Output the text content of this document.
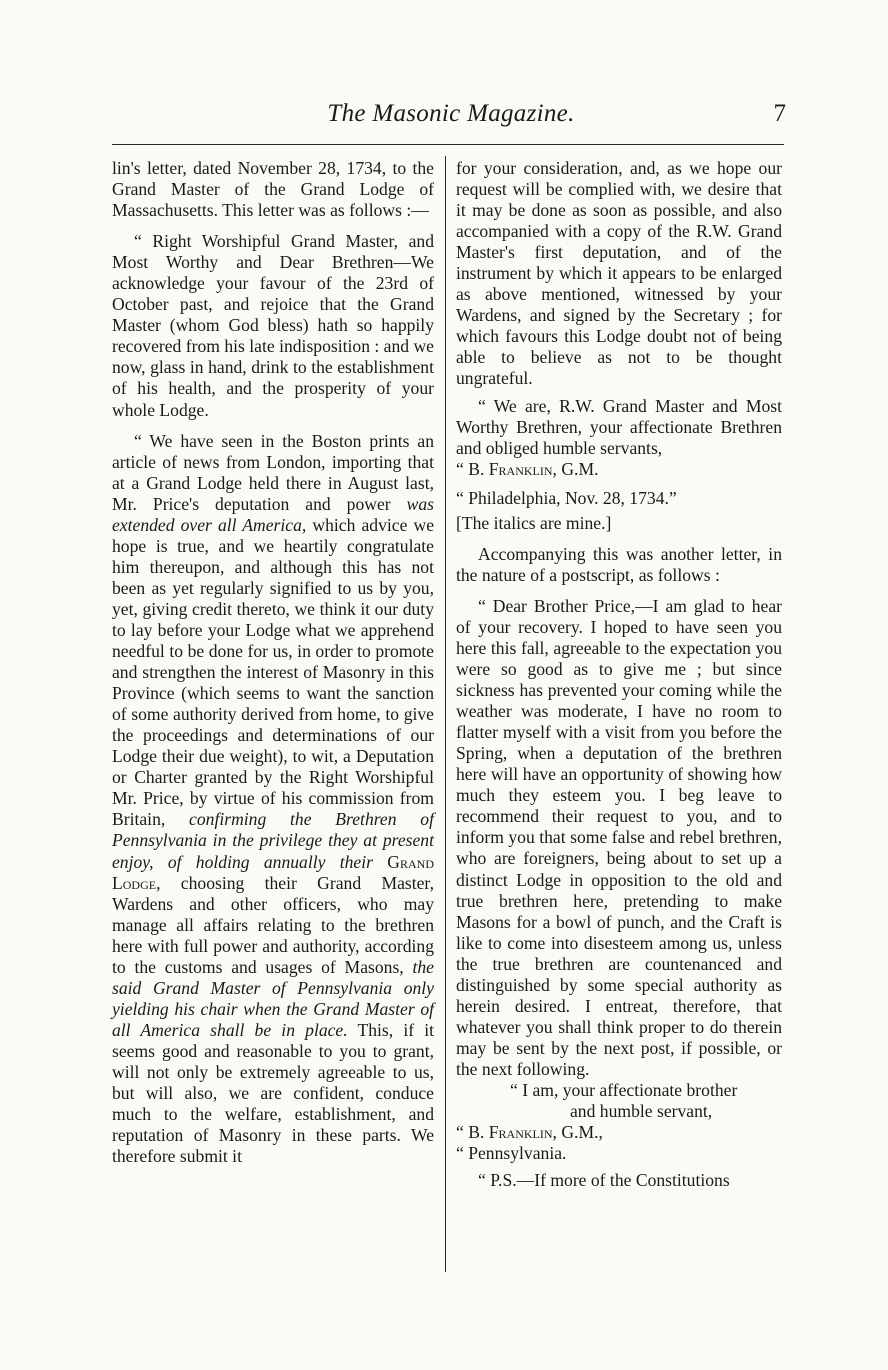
The Masonic Magazine.	7

lin's letter, dated November 28, 1734, to the Grand Master of the Grand Lodge of Massachusetts. This letter was as follows :—

“ Right Worshipful Grand Master, and Most Worthy and Dear Brethren—We acknowledge your favour of the 23rd of October past, and rejoice that the Grand Master (whom God bless) hath so happily recovered from his late indisposition : and we now, glass in hand, drink to the establishment of his health, and the prosperity of your whole Lodge.

“ We have seen in the Boston prints an article of news from London, importing that at a Grand Lodge held there in August last, Mr. Price's deputation and power was extended over all America, which advice we hope is true, and we heartily congratulate him thereupon, and although this has not been as yet regularly signified to us by you, yet, giving credit thereto, we think it our duty to lay before your Lodge what we apprehend needful to be done for us, in order to promote and strengthen the interest of Masonry in this Province (which seems to want the sanction of some authority derived from home, to give the proceedings and determinations of our Lodge their due weight), to wit, a Deputation or Charter granted by the Right Worshipful Mr. Price, by virtue of his commission from Britain, confirming the Brethren of Pennsylvania in the privilege they at present enjoy, of holding annually their Grand Lodge, choosing their Grand Master, Wardens and other officers, who may manage all affairs relating to the brethren here with full power and authority, according to the customs and usages of Masons, the said Grand Master of Pennsylvania only yielding his chair when the Grand Master of all America shall be in place. This, if it seems good and reasonable to you to grant, will not only be extremely agreeable to us, but will also, we are confident, conduce much to the welfare, establishment, and reputation of Masonry in these parts. We therefore submit it

for your consideration, and, as we hope our request will be complied with, we desire that it may be done as soon as possible, and also accompanied with a copy of the R.W. Grand Master's first deputation, and of the instrument by which it appears to be enlarged as above mentioned, witnessed by your Wardens, and signed by the Secretary ; for which favours this Lodge doubt not of being able to believe as not to be thought ungrateful.

“ We are, R.W. Grand Master and Most Worthy Brethren, your affectionate Brethren and obliged humble servants,

“ B. Franklin, G.M.

“ Philadelphia, Nov. 28, 1734.”

[The italics are mine.]

Accompanying this was another letter, in the nature of a postscript, as follows :

“ Dear Brother Price,—I am glad to hear of your recovery. I hoped to have seen you here this fall, agreeable to the expectation you were so good as to give me ; but since sickness has prevented your coming while the weather was moderate, I have no room to flatter myself with a visit from you before the Spring, when a deputation of the brethren here will have an opportunity of showing how much they esteem you. I beg leave to recommend their request to you, and to inform you that some false and rebel brethren, who are foreigners, being about to set up a distinct Lodge in opposition to the old and true brethren here, pretending to make Masons for a bowl of punch, and the Craft is like to come into disesteem among us, unless the true brethren are countenanced and distinguished by some special authority as herein desired. I entreat, therefore, that whatever you shall think proper to do therein may be sent by the next post, if possible, or the next following.

“ I am, your affectionate brother

and humble servant,

“ B. Franklin, G.M.,

“ Pennsylvania.

“ P.S.—If more of the Constitutions
